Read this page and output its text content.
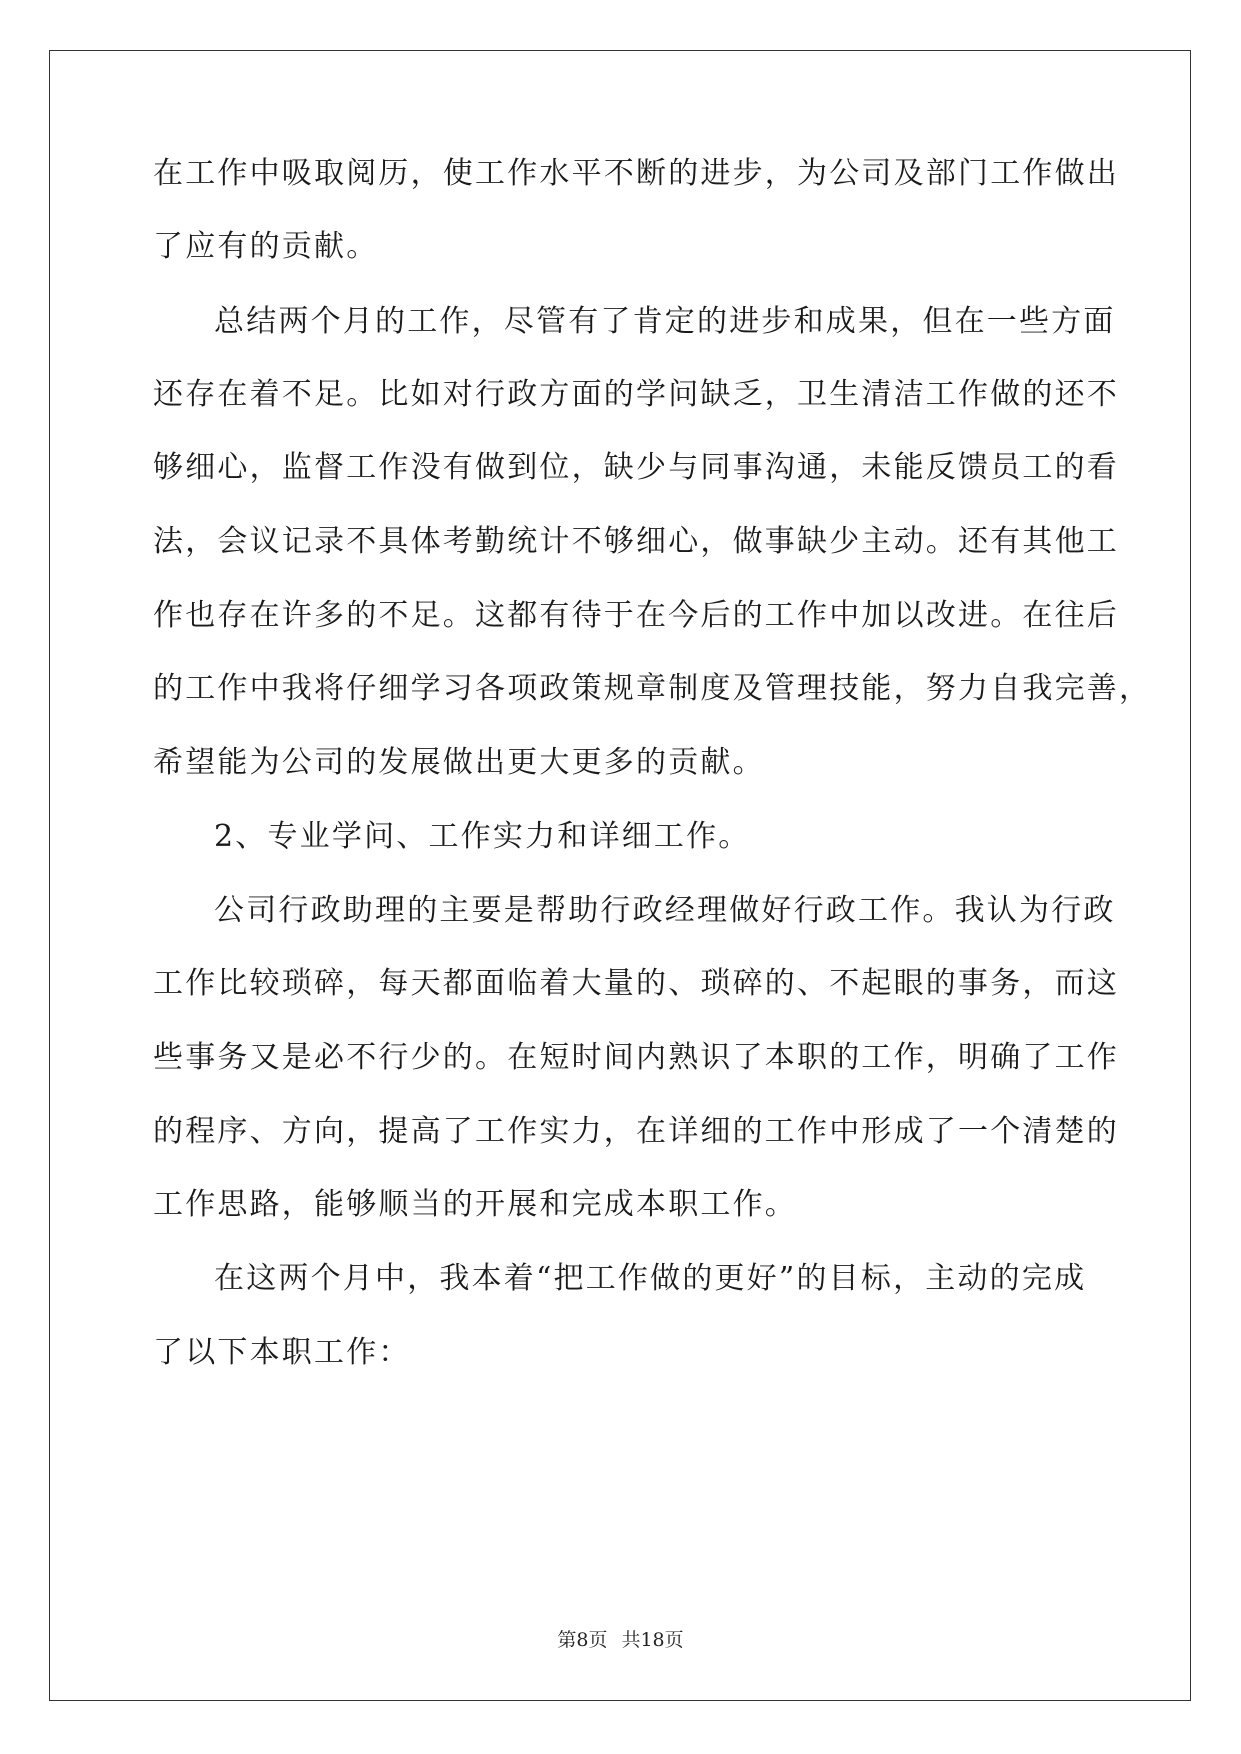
在工作中吸取阅历，使工作水平不断的进步，为公司及部门工作做出
了应有的贡献。
总结两个月的工作，尽管有了肯定的进步和成果，但在一些方面
还存在着不足。比如对行政方面的学问缺乏，卫生清洁工作做的还不
够细心，监督工作没有做到位，缺少与同事沟通，未能反馈员工的看
法，会议记录不具体考勤统计不够细心，做事缺少主动。还有其他工
作也存在许多的不足。这都有待于在今后的工作中加以改进。在往后
的工作中我将仔细学习各项政策规章制度及管理技能，努力自我完善，
希望能为公司的发展做出更大更多的贡献。
2、专业学问、工作实力和详细工作。
公司行政助理的主要是帮助行政经理做好行政工作。我认为行政
工作比较琐碎，每天都面临着大量的、琐碎的、不起眼的事务，而这
些事务又是必不行少的。在短时间内熟识了本职的工作，明确了工作
的程序、方向，提高了工作实力，在详细的工作中形成了一个清楚的
工作思路，能够顺当的开展和完成本职工作。
在这两个月中，我本着“把工作做的更好”的目标，主动的完成
了以下本职工作：
第8页 共18页
